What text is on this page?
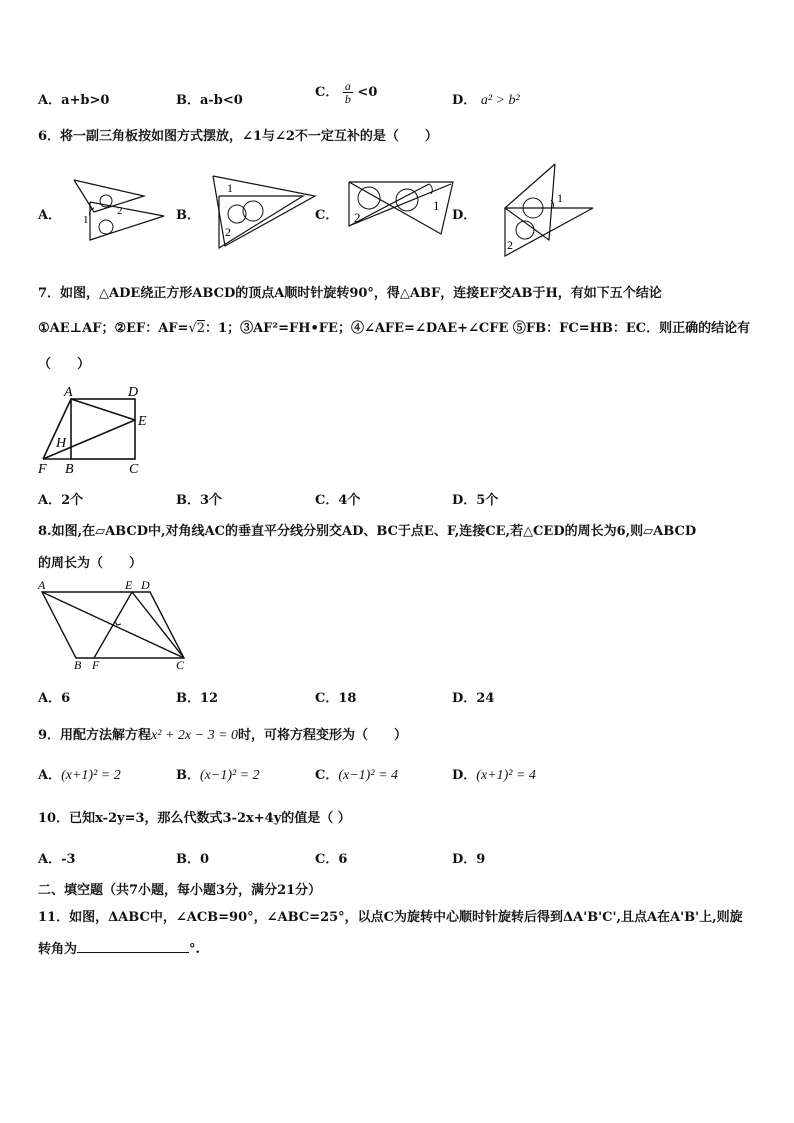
A．a+b>0	B．a-b<0
C． $\frac{a}{b} <0$
D． a² > b²
6．将一副三角板按如图方式摆放，∠1与∠2不一定互补的是（　　）
A． 1
2	B．
1
2
C．
1
2	D．
1
2
7．如图，△ADE绕正方形ABCD的顶点A顺时针旋转90°，得△ABF，连接EF交AB于H，有如下五个结论
①AE⊥AF；②EF：AF=√2：1；③AF²=FH•FE；④∠AFE=∠DAE+∠CFE ⑤FB：FC=HB：EC．则正确的结论有
（　　）
A	D
E
H
F B	C
A．2个	B．3个	C．4个	D．5个
8.如图,在▱ABCD中,对角线AC的垂直平分线分别交AD、BC于点E、F,连接CE,若△CED的周长为6,则▱ABCD
的周长为（　　）
A	E D
B F	C
A．6	B．12	C．18	D．24
9．用配方法解方程x² + 2x − 3 = 0时，可将方程变形为（　　）
A．(x+1)² = 2	B．(x−1)² = 2	C．(x−1)² = 4	D．(x+1)² = 4
10．已知x-2y=3，那么代数式3-2x+4y的值是（ ）
A．-3	B．0	C．6	D．9
二、填空题（共7小题，每小题3分，满分21分）
11．如图，ΔABC中，∠ACB=90°，∠ABC=25°，以点C为旋转中心顺时针旋转后得到ΔA'B'C',且点A在A'B'上,则旋
转角为	°.
